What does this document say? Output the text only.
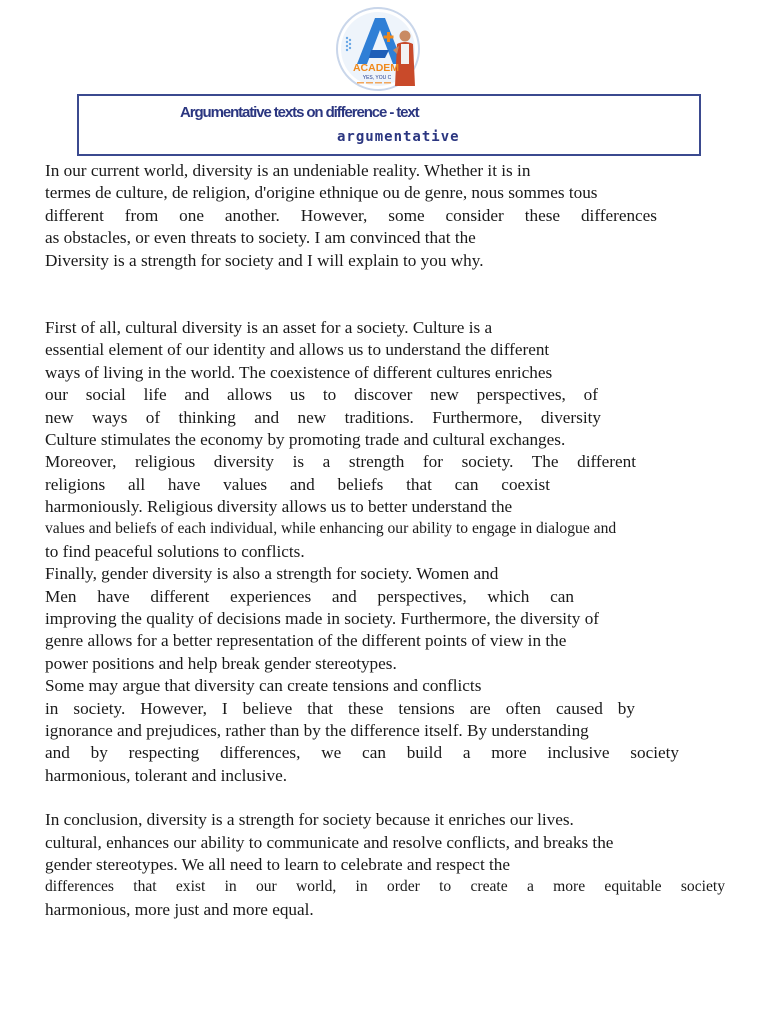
ACADEM
YES, YOU C
Argumentative texts on difference - text
argumentative
In our current world, diversity is an undeniable reality. Whether it is in
termes de culture, de religion, d'origine ethnique ou de genre, nous sommes tous
different from one another. However, some consider these differences
as obstacles, or even threats to society. I am convinced that the
Diversity is a strength for society and I will explain to you why.
First of all, cultural diversity is an asset for a society. Culture is a
essential element of our identity and allows us to understand the different
ways of living in the world. The coexistence of different cultures enriches
our social life and allows us to discover new perspectives, of
new ways of thinking and new traditions. Furthermore, diversity
Culture stimulates the economy by promoting trade and cultural exchanges.
Moreover, religious diversity is a strength for society. The different
religions all have values and beliefs that can coexist
harmoniously. Religious diversity allows us to better understand the
values and beliefs of each individual, while enhancing our ability to engage in dialogue and
to find peaceful solutions to conflicts.
Finally, gender diversity is also a strength for society. Women and
Men have different experiences and perspectives, which can
improving the quality of decisions made in society. Furthermore, the diversity of
genre allows for a better representation of the different points of view in the
power positions and help break gender stereotypes.
Some may argue that diversity can create tensions and conflicts
in society. However, I believe that these tensions are often caused by
ignorance and prejudices, rather than by the difference itself. By understanding
and by respecting differences, we can build a more inclusive society
harmonious, tolerant and inclusive.
In conclusion, diversity is a strength for society because it enriches our lives.
cultural, enhances our ability to communicate and resolve conflicts, and breaks the
gender stereotypes. We all need to learn to celebrate and respect the
differences that exist in our world, in order to create a more equitable society
harmonious, more just and more equal.
